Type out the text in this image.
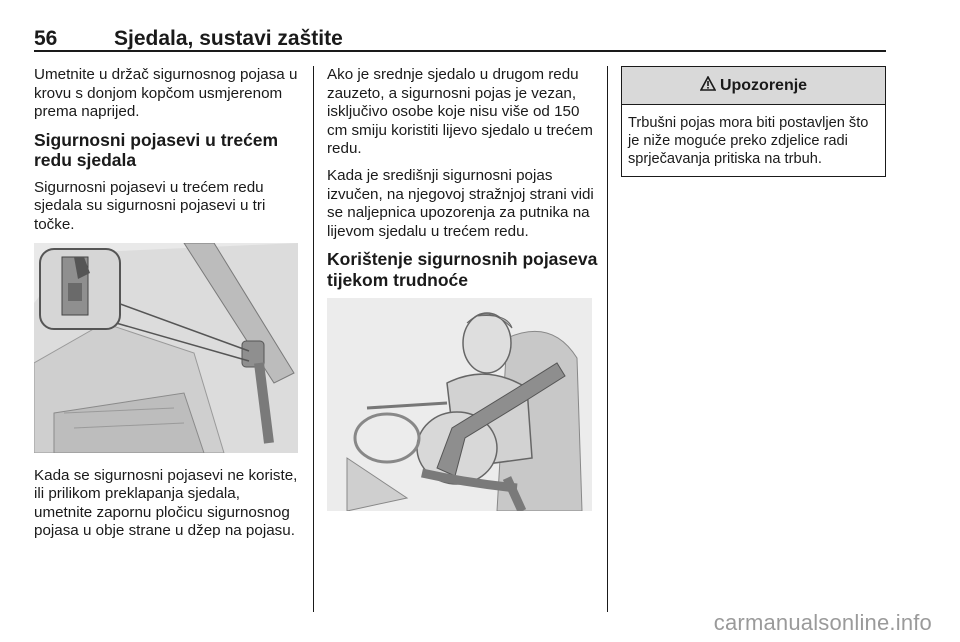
56	Sjedala, sustavi zaštite

Umetnite u držač sigurnosnog pojasa u krovu s donjom kopčom usmjerenom prema naprijed.

Sigurnosni pojasevi u trećem redu sjedala

Sigurnosni pojasevi u trećem redu sjedala su sigurnosni pojasevi u tri točke.

Kada se sigurnosni pojasevi ne koriste, ili prilikom preklapanja sjedala, umetnite zapornu pločicu sigurnosnog pojasa u obje strane u džep na pojasu.

Ako je srednje sjedalo u drugom redu zauzeto, a sigurnosni pojas je vezan, isključivo osobe koje nisu više od 150 cm smiju koristiti lijevo sjedalo u trećem redu.

Kada je središnji sigurnosni pojas izvučen, na njegovoj stražnjoj strani vidi se naljepnica upozorenja za putnika na lijevom sjedalu u trećem redu.

Korištenje sigurnosnih pojaseva tijekom trudnoće
Upozorenje
Trbušni pojas mora biti postavljen što je niže moguće preko zdjelice radi sprječavanja pritiska na trbuh.
carmanualsonline.info
